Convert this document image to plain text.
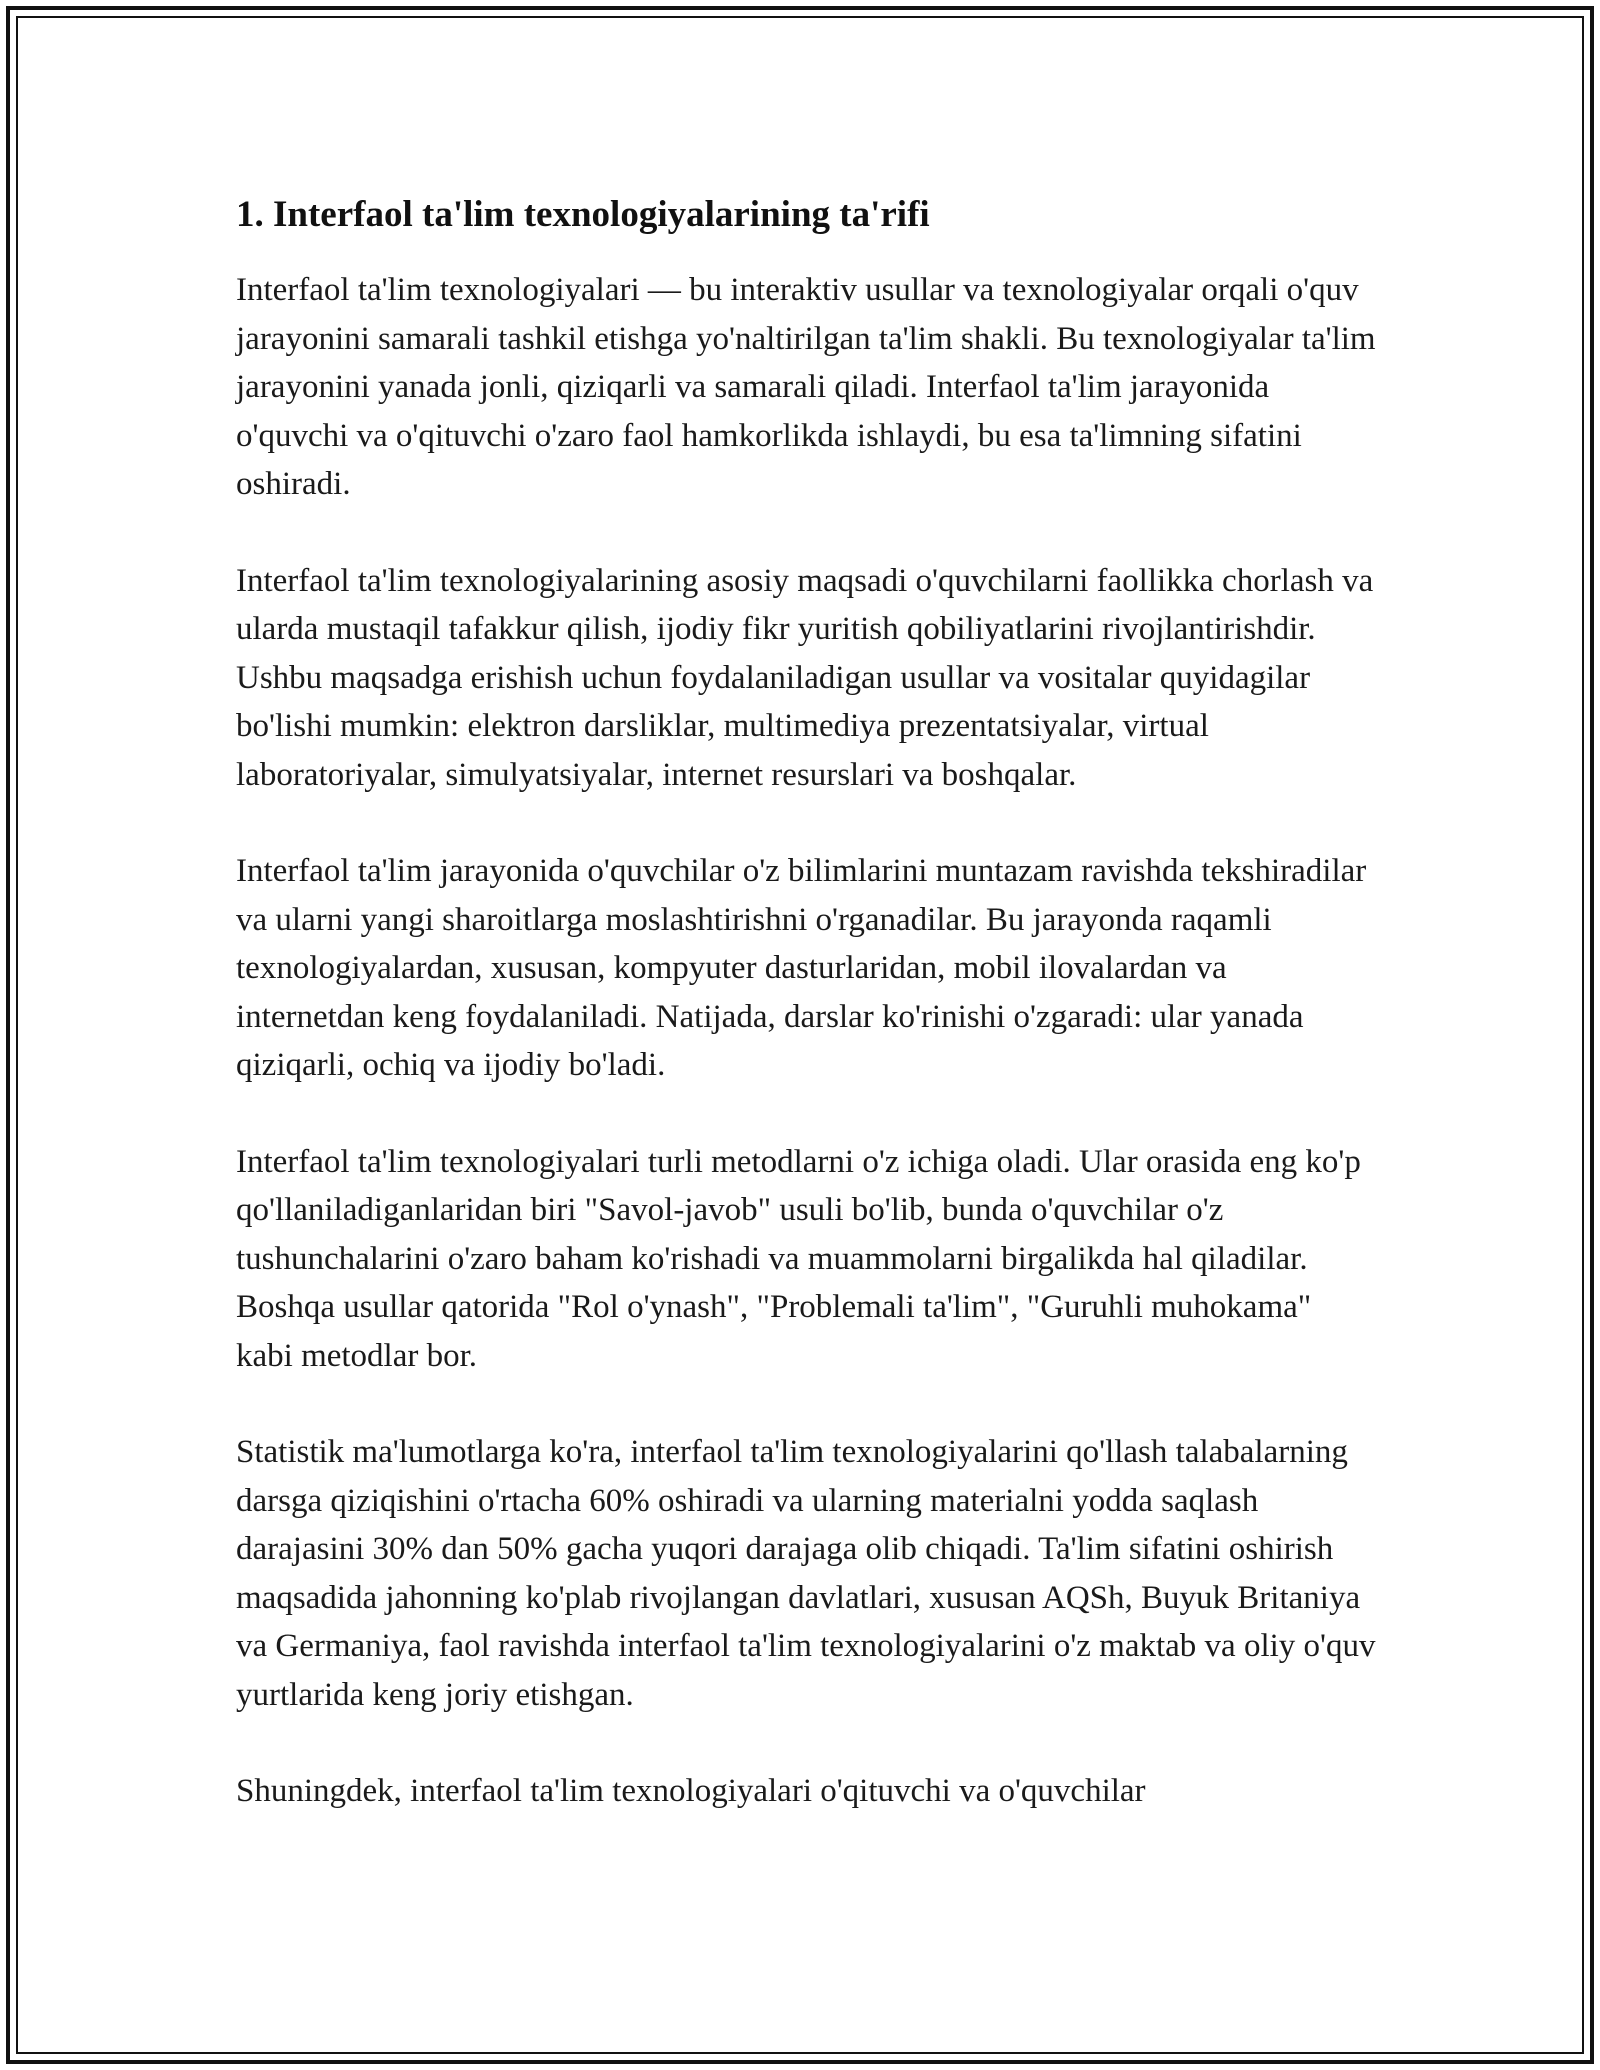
1. Interfaol ta'lim texnologiyalarining ta'rifi

Interfaol ta'lim texnologiyalari — bu interaktiv usullar va texnologiyalar orqali o'quv jarayonini samarali tashkil etishga yo'naltirilgan ta'lim shakli. Bu texnologiyalar ta'lim jarayonini yanada jonli, qiziqarli va samarali qiladi. Interfaol ta'lim jarayonida o'quvchi va o'qituvchi o'zaro faol hamkorlikda ishlaydi, bu esa ta'limning sifatini oshiradi.

Interfaol ta'lim texnologiyalarining asosiy maqsadi o'quvchilarni faollikka chorlash va ularda mustaqil tafakkur qilish, ijodiy fikr yuritish qobiliyatlarini rivojlantirishdir. Ushbu maqsadga erishish uchun foydalaniladigan usullar va vositalar quyidagilar bo'lishi mumkin: elektron darsliklar, multimediya prezentatsiyalar, virtual laboratoriyalar, simulyatsiyalar, internet resurslari va boshqalar.

Interfaol ta'lim jarayonida o'quvchilar o'z bilimlarini muntazam ravishda tekshiradilar va ularni yangi sharoitlarga moslashtirishni o'rganadilar. Bu jarayonda raqamli texnologiyalardan, xususan, kompyuter dasturlaridan, mobil ilovalardan va internetdan keng foydalaniladi. Natijada, darslar ko'rinishi o'zgaradi: ular yanada qiziqarli, ochiq va ijodiy bo'ladi.

Interfaol ta'lim texnologiyalari turli metodlarni o'z ichiga oladi. Ular orasida eng ko'p qo'llaniladiganlaridan biri "Savol-javob" usuli bo'lib, bunda o'quvchilar o'z tushunchalarini o'zaro baham ko'rishadi va muammolarni birgalikda hal qiladilar. Boshqa usullar qatorida "Rol o'ynash", "Problemali ta'lim", "Guruhli muhokama" kabi metodlar bor.

Statistik ma'lumotlarga ko'ra, interfaol ta'lim texnologiyalarini qo'llash talabalarning darsga qiziqishini o'rtacha 60% oshiradi va ularning materialni yodda saqlash darajasini 30% dan 50% gacha yuqori darajaga olib chiqadi. Ta'lim sifatini oshirish maqsadida jahonning ko'plab rivojlangan davlatlari, xususan AQSh, Buyuk Britaniya va Germaniya, faol ravishda interfaol ta'lim texnologiyalarini o'z maktab va oliy o'quv yurtlarida keng joriy etishgan.

Shuningdek, interfaol ta'lim texnologiyalari o'qituvchi va o'quvchilar
